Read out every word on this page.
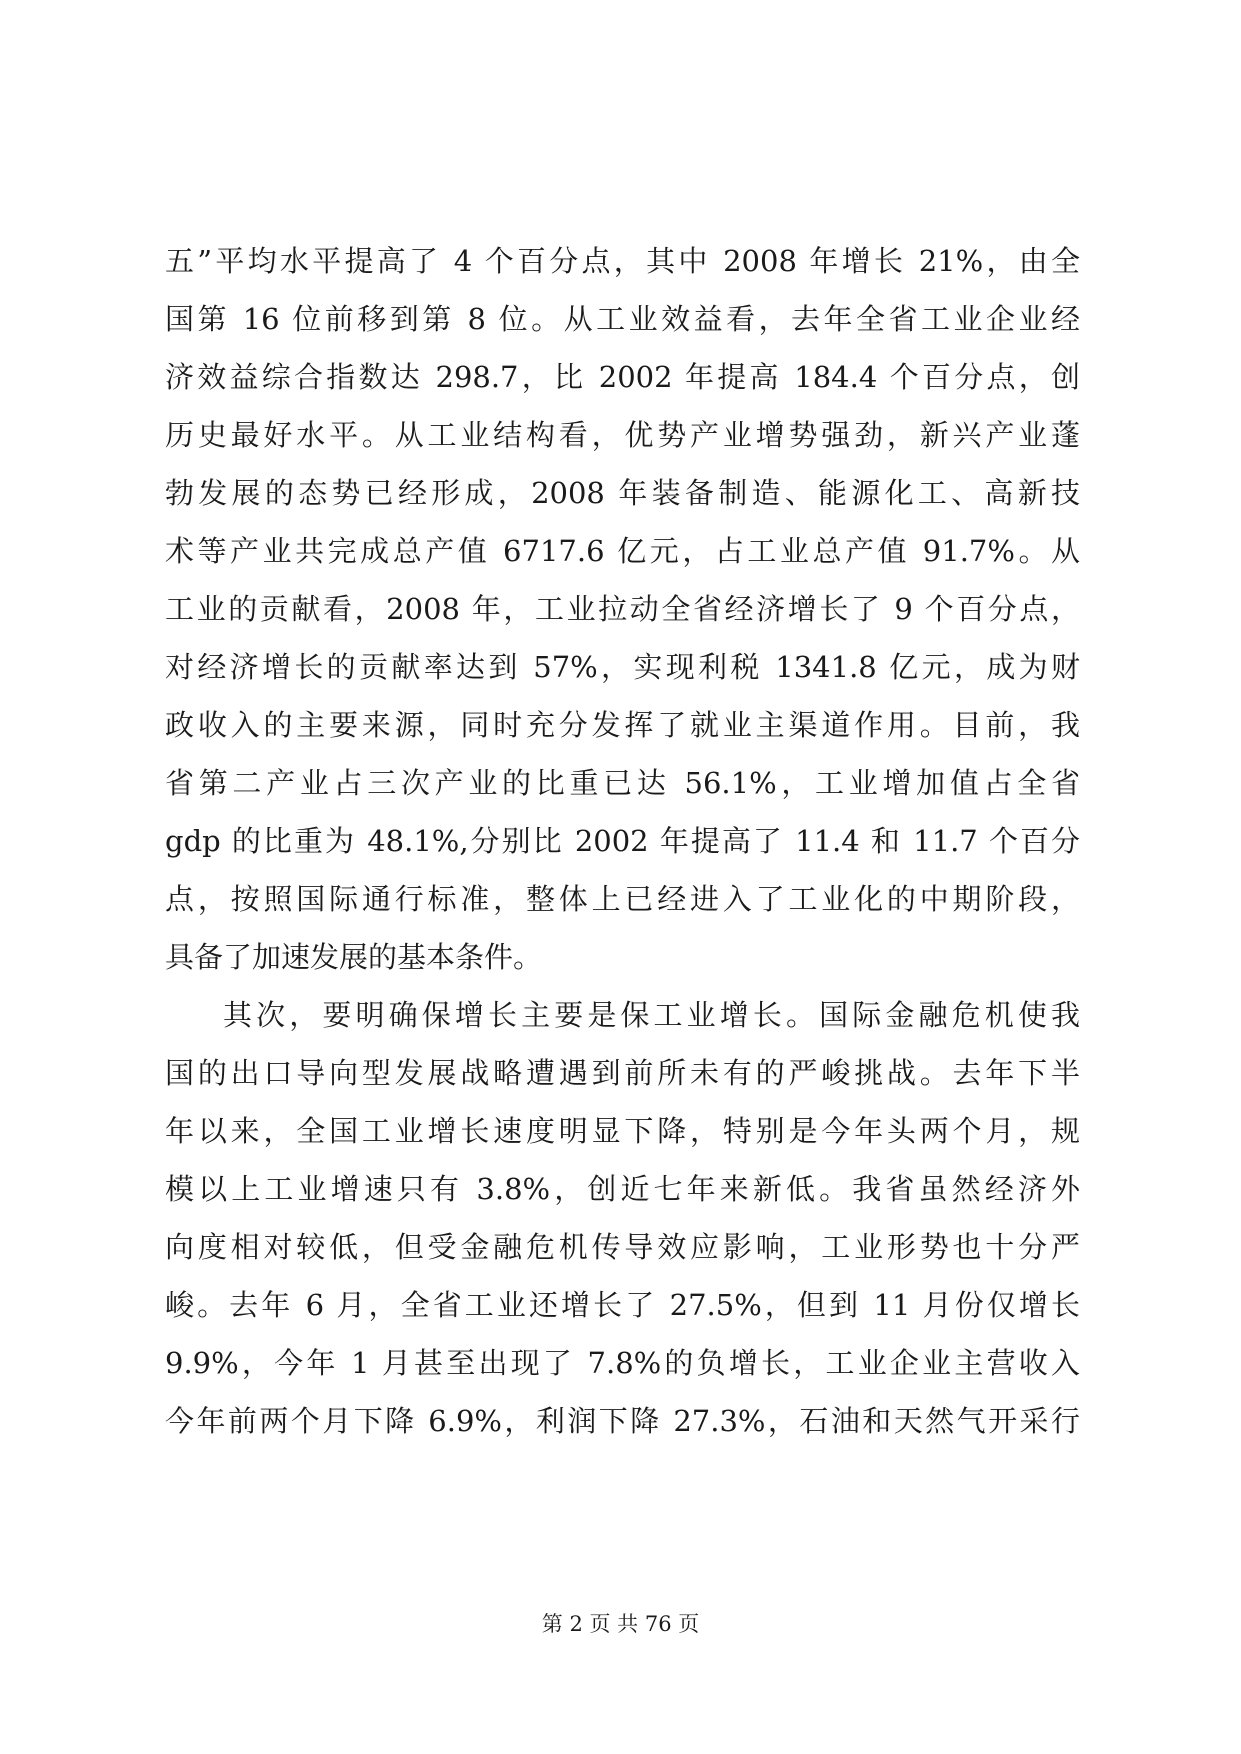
五”平均水平提高了 4 个百分点，其中 2008 年增长 21%，由全
国第 16 位前移到第 8 位。从工业效益看，去年全省工业企业经
济效益综合指数达 298.7，比 2002 年提高 184.4 个百分点，创
历史最好水平。从工业结构看，优势产业增势强劲，新兴产业蓬
勃发展的态势已经形成，2008 年装备制造、能源化工、高新技
术等产业共完成总产值 6717.6 亿元，占工业总产值 91.7%。从
工业的贡献看，2008 年，工业拉动全省经济增长了 9 个百分点，
对经济增长的贡献率达到 57%，实现利税 1341.8 亿元，成为财
政收入的主要来源，同时充分发挥了就业主渠道作用。目前，我
省第二产业占三次产业的比重已达 56.1%，工业增加值占全省
gdp 的比重为 48.1%,分别比 2002 年提高了 11.4 和 11.7 个百分
点，按照国际通行标准，整体上已经进入了工业化的中期阶段，
具备了加速发展的基本条件。
其次，要明确保增长主要是保工业增长。国际金融危机使我
国的出口导向型发展战略遭遇到前所未有的严峻挑战。去年下半
年以来，全国工业增长速度明显下降，特别是今年头两个月，规
模以上工业增速只有 3.8%，创近七年来新低。我省虽然经济外
向度相对较低，但受金融危机传导效应影响，工业形势也十分严
峻。去年 6 月，全省工业还增长了 27.5%，但到 11 月份仅增长
9.9%，今年 1 月甚至出现了 7.8%的负增长，工业企业主营收入
今年前两个月下降 6.9%，利润下降 27.3%，石油和天然气开采行
第 2 页 共 76 页
